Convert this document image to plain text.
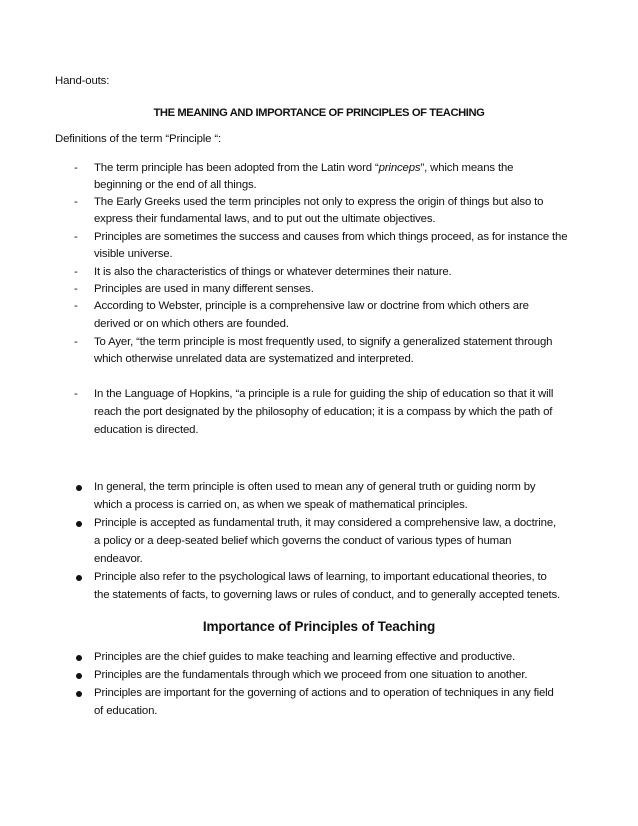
Hand-outs:
THE MEANING AND IMPORTANCE OF PRINCIPLES OF TEACHING
Definitions of the term “Principle “:
- The term principle has been adopted from the Latin word “princeps”, which means the
beginning or the end of all things.
- The Early Greeks used the term principles not only to express the origin of things but also to
express their fundamental laws, and to put out the ultimate objectives.
- Principles are sometimes the success and causes from which things proceed, as for instance the
visible universe.
- It is also the characteristics of things or whatever determines their nature.
- Principles are used in many different senses.
- According to Webster, principle is a comprehensive law or doctrine from which others are
derived or on which others are founded.
- To Ayer, “the term principle is most frequently used, to signify a generalized statement through
which otherwise unrelated data are systematized and interpreted.
- In the Language of Hopkins, “a principle is a rule for guiding the ship of education so that it will
reach the port designated by the philosophy of education; it is a compass by which the path of
education is directed.
In general, the term principle is often used to mean any of general truth or guiding norm by
which a process is carried on, as when we speak of mathematical principles.
Principle is accepted as fundamental truth, it may considered a comprehensive law, a doctrine,
a policy or a deep-seated belief which governs the conduct of various types of human
endeavor.
Principle also refer to the psychological laws of learning, to important educational theories, to
the statements of facts, to governing laws or rules of conduct, and to generally accepted tenets.
Importance of Principles of Teaching
Principles are the chief guides to make teaching and learning effective and productive.
Principles are the fundamentals through which we proceed from one situation to another.
Principles are important for the governing of actions and to operation of techniques in any field
of education.
